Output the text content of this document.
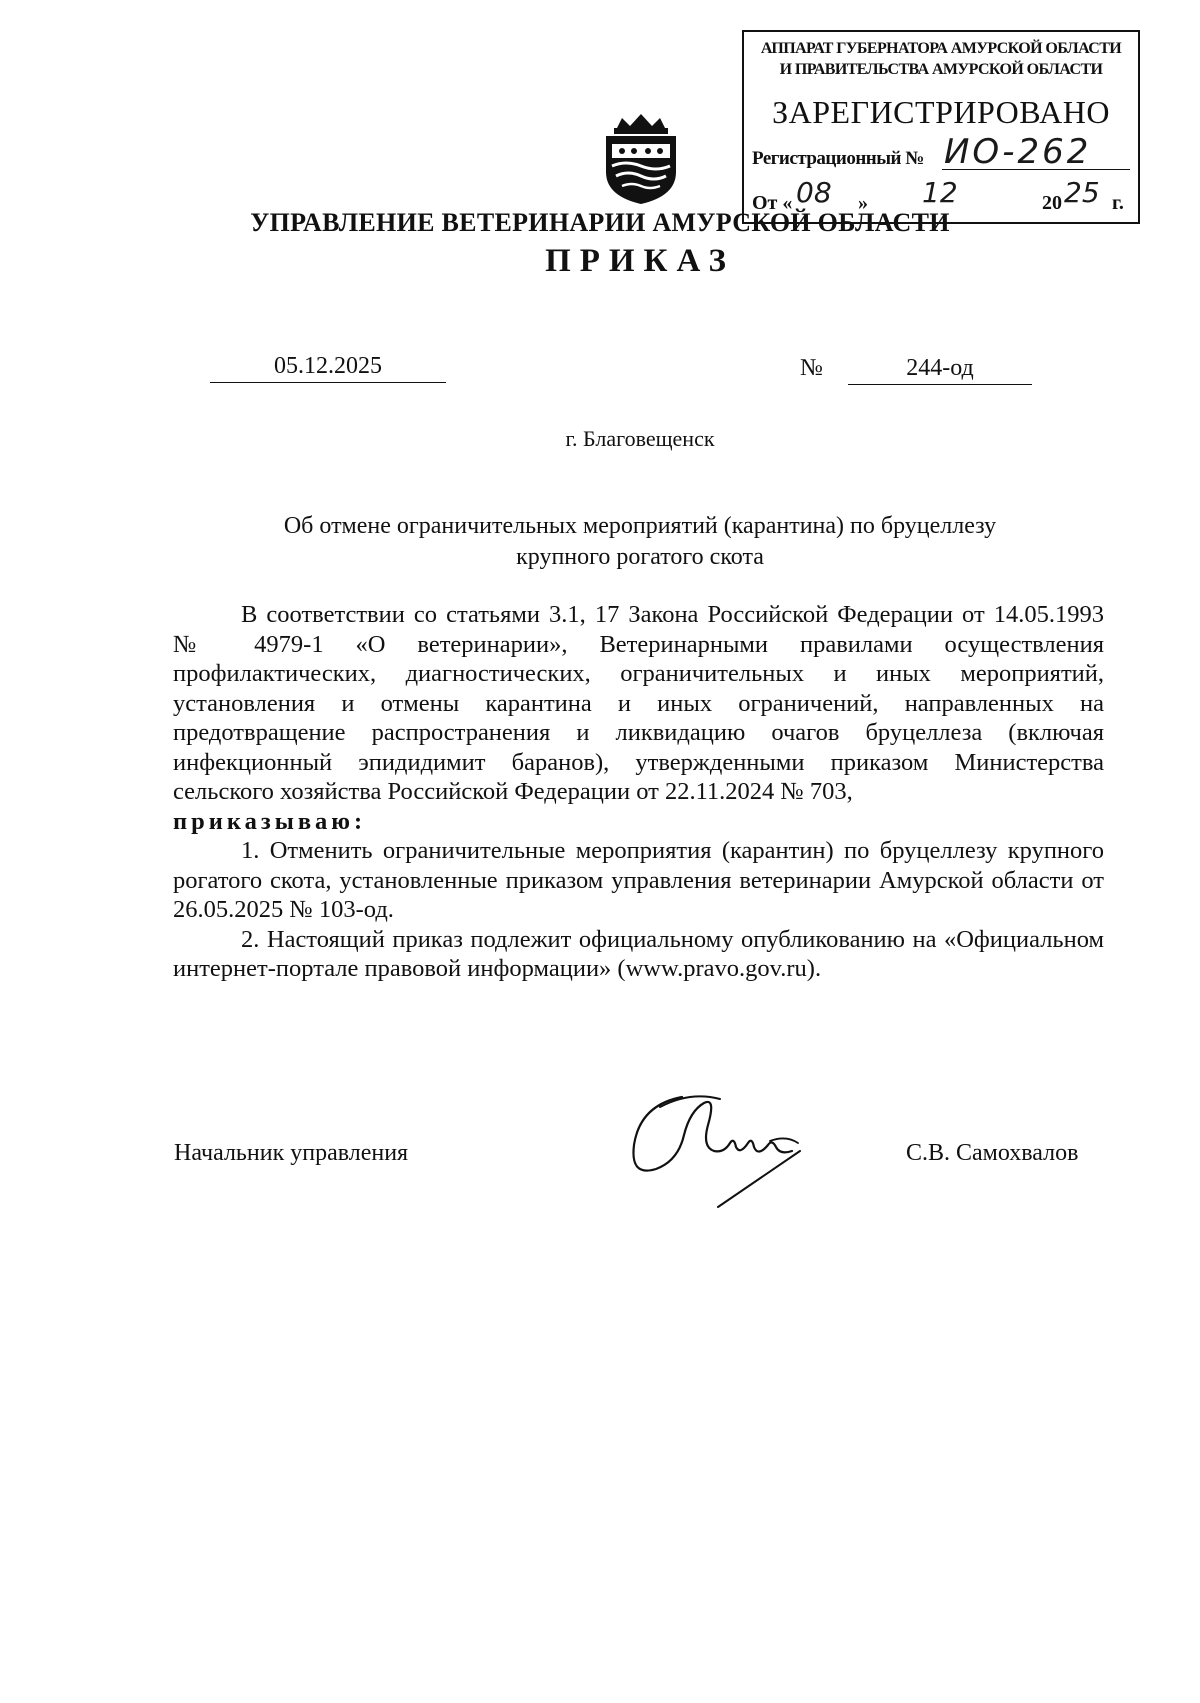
АППАРАТ ГУБЕРНАТОРА АМУРСКОЙ ОБЛАСТИ
И ПРАВИТЕЛЬСТВА АМУРСКОЙ ОБЛАСТИ
ЗАРЕГИСТРИРОВАНО
Регистрационный № ИО-262
От « 08 » 12	20 25 г.
УПРАВЛЕНИЕ ВЕТЕРИНАРИИ АМУРСКОЙ ОБЛАСТИ
ПРИКАЗ
05.12.2025	№	244-од
г. Благовещенск
Об отмене ограничительных мероприятий (карантина) по бруцеллезу
крупного рогатого скота

В соответствии со статьями 3.1, 17 Закона Российской Федерации от 14.05.1993 № 4979-1 «О ветеринарии», Ветеринарными правилами осуществления профилактических, диагностических, ограничительных и иных мероприятий, установления и отмены карантина и иных ограничений, направленных на предотвращение распространения и ликвидацию очагов бруцеллеза (включая инфекционный эпидидимит баранов), утвержденными приказом Министерства сельского хозяйства Российской Федерации от 22.11.2024 № 703,

приказываю:

1. Отменить ограничительные мероприятия (карантин) по бруцеллезу крупного рогатого скота, установленные приказом управления ветеринарии Амурской области от 26.05.2025 № 103-од.

2. Настоящий приказ подлежит официальному опубликованию на «Официальном интернет-портале правовой информации» (www.pravo.gov.ru).

Начальник управления	С.В. Самохвалов
